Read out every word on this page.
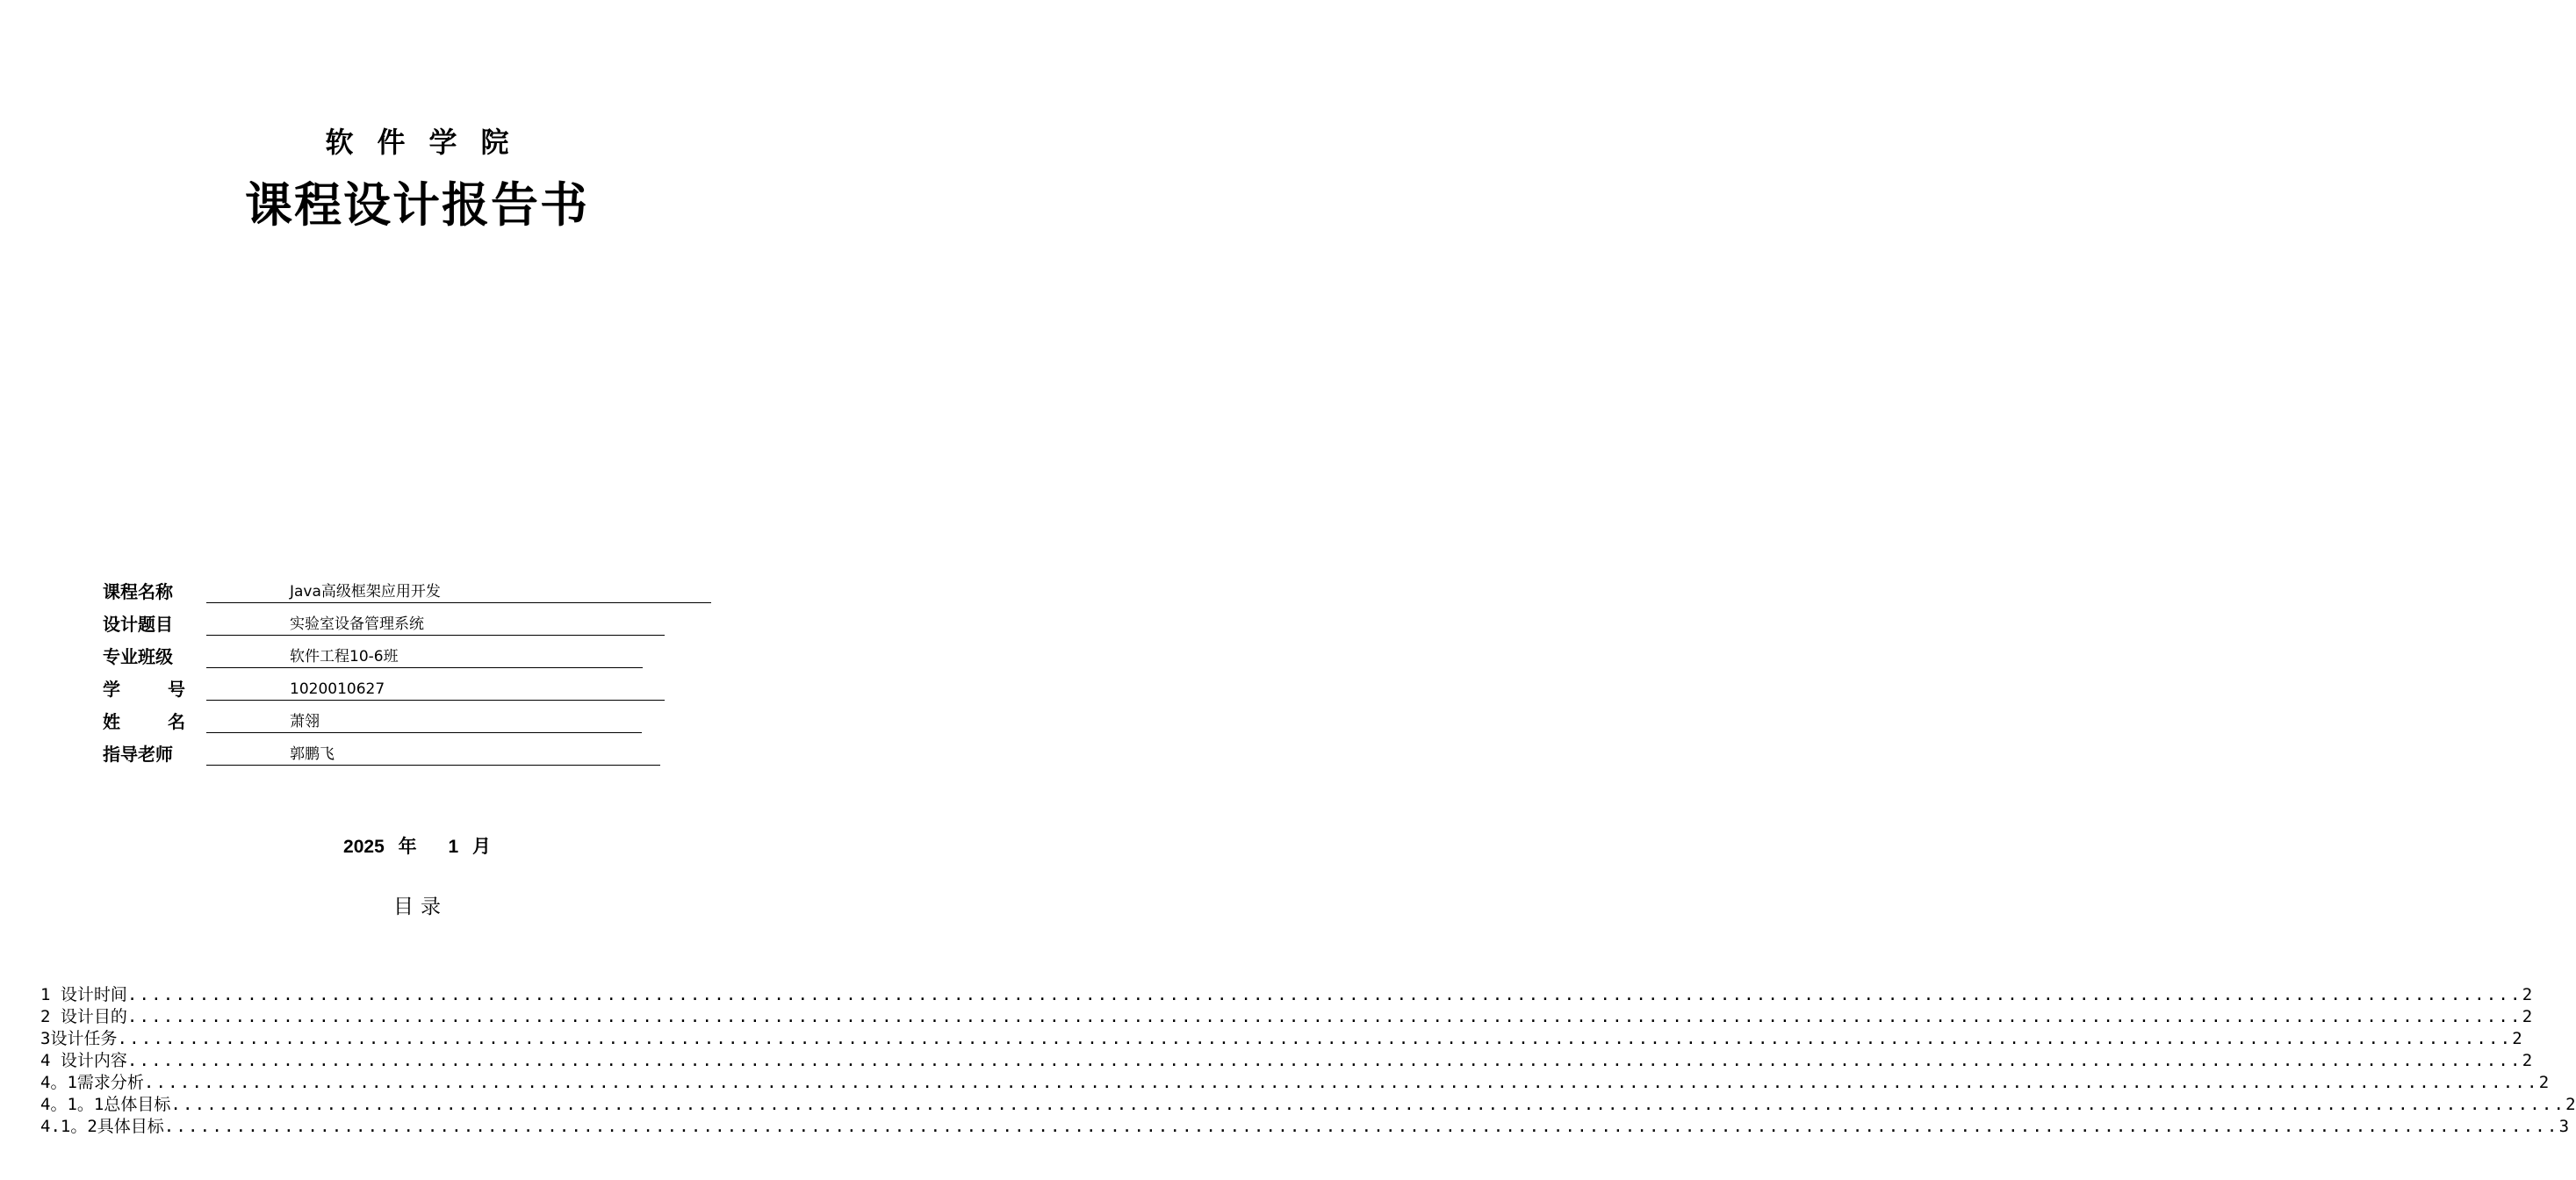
软件学院
课程设计报告书
课程名称	Java高级框架应用开发
设计题目	实验室设备管理系统
专业班级	软件工程10-6班
学	号	1020010627
姓	名	萧翎
指导老师	郭鹏飞
2025 年 1 月
目录
1 设计时间 ........................................................................................................................................................................................................ 2
2 设计目的 ........................................................................................................................................................................................................ 2
3设计任务 ........................................................................................................................................................................................................ 2
4 设计内容 ........................................................................................................................................................................................................ 2
4。1需求分析 ........................................................................................................................................................................................................ 2
4。1。1总体目标 ........................................................................................................................................................................................................ 2
4.1。2具体目标 ........................................................................................................................................................................................................ 3
